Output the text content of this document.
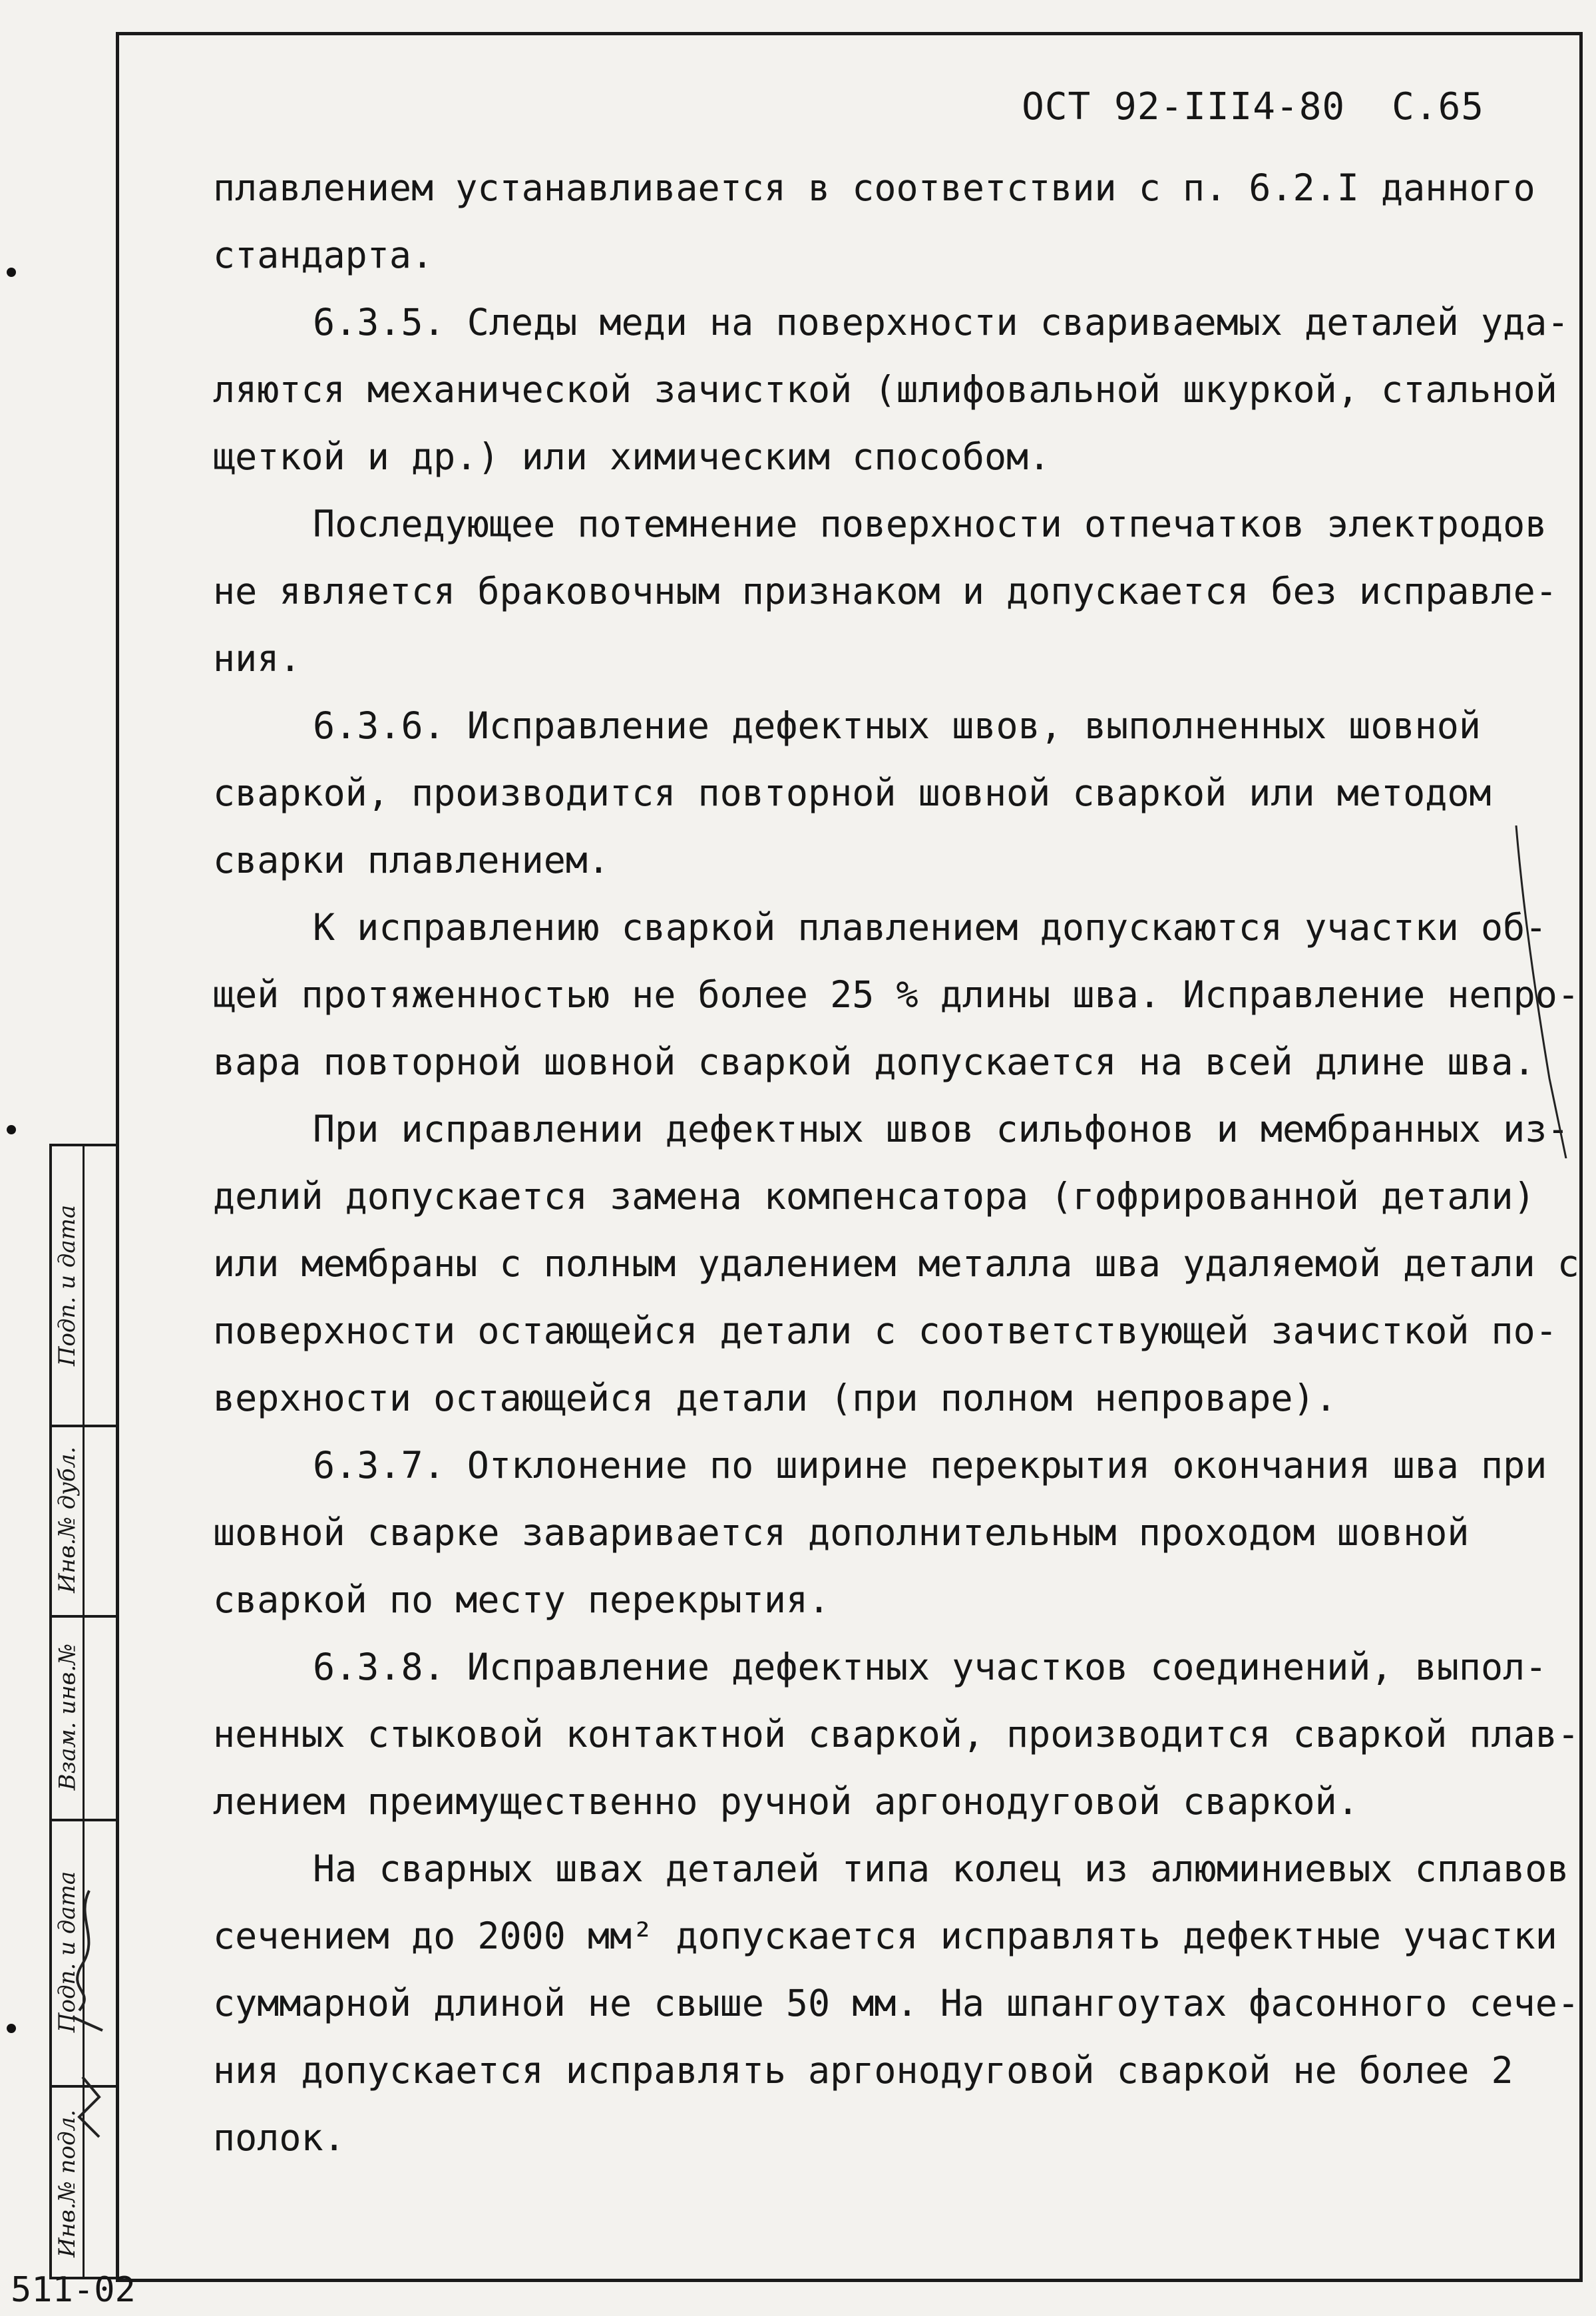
ОСТ 92-III4-80 С.65
плавлением устанавливается в соответствии с п. 6.2.I данного
стандарта.
6.3.5. Следы меди на поверхности свариваемых деталей уда-
ляются механической зачисткой (шлифовальной шкуркой, стальной
щеткой и др.) или химическим способом.
Последующее потемнение поверхности отпечатков электродов
не является браковочным признаком и допускается без исправле-
ния.
6.3.6. Исправление дефектных швов, выполненных шовной
сваркой, производится повторной шовной сваркой или методом
сварки плавлением.
К исправлению сваркой плавлением допускаются участки об-
щей протяженностью не более 25 % длины шва. Исправление непро-
вара повторной шовной сваркой допускается на всей длине шва.
При исправлении дефектных швов сильфонов и мембранных из-
делий допускается замена компенсатора (гофрированной детали)
или мембраны с полным удалением металла шва удаляемой детали с
поверхности остающейся детали с соответствующей зачисткой по-
верхности остающейся детали (при полном непроваре).
6.3.7. Отклонение по ширине перекрытия окончания шва при
шовной сварке заваривается дополнительным проходом шовной
сваркой по месту перекрытия.
6.3.8. Исправление дефектных участков соединений, выпол-
ненных стыковой контактной сваркой, производится сваркой плав-
лением преимущественно ручной аргонодуговой сваркой.
На сварных швах деталей типа колец из алюминиевых сплавов
сечением до 2000 мм² допускается исправлять дефектные участки
суммарной длиной не свыше 50 мм. На шпангоутах фасонного сече-
ния допускается исправлять аргонодуговой сваркой не более 2
полок.
Подп. и дата
Инв.№ дубл.
Взам. инв.№
Подп. и дата
Инв.№ подл.
511-02
